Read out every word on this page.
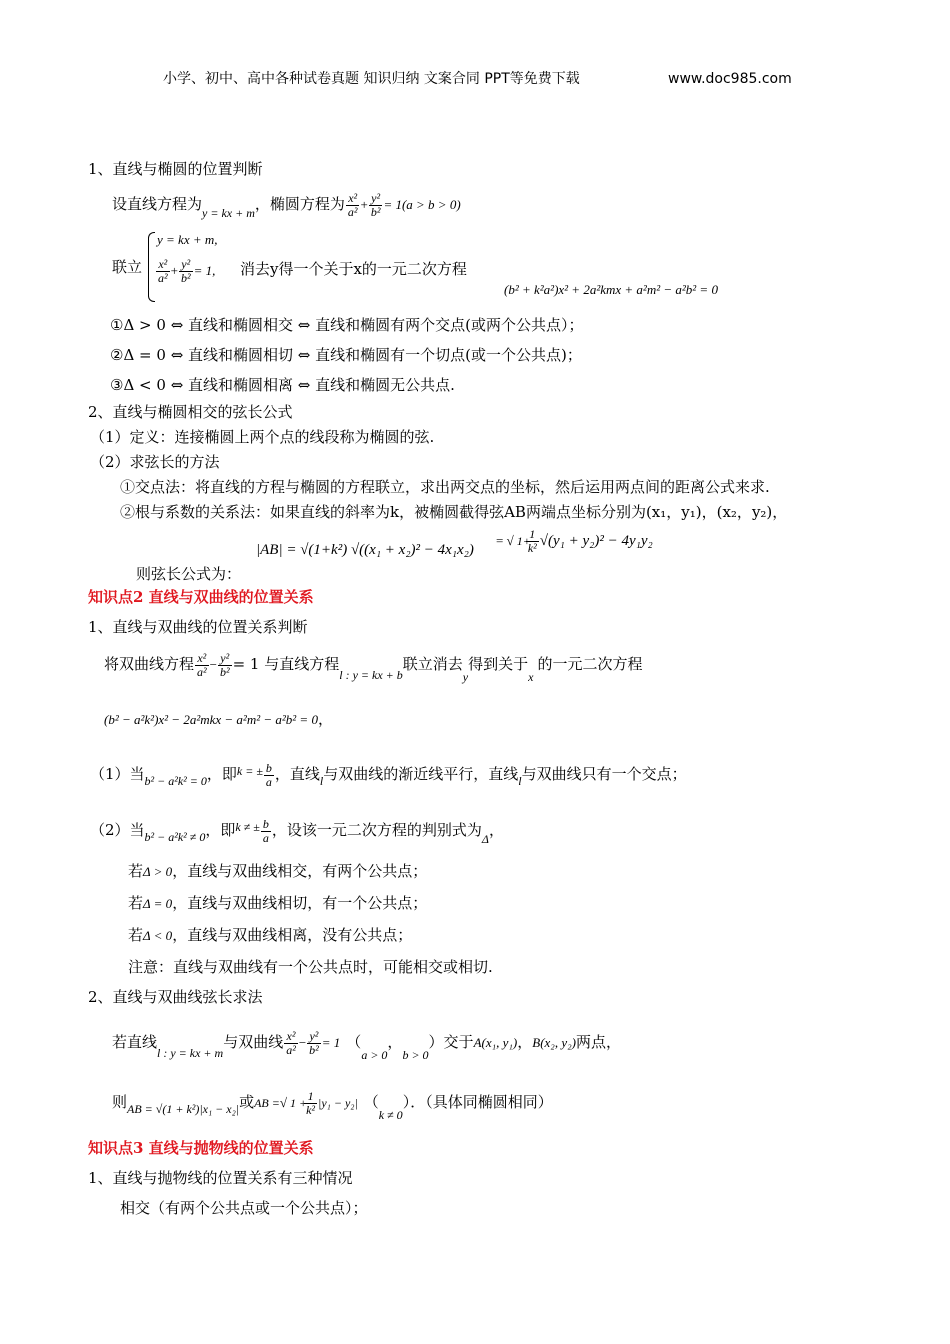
小学、初中、高中各种试卷真题 知识归纳 文案合同 PPT等免费下载	www.doc985.com
1、直线与椭圆的位置判断
设直线方程为$_{y = kx + m}$，椭圆方程为 $\frac{\text{x²}}{\text{a²}} + \frac{\text{y²}}{\text{b²}} = 1(a > b > 0)$
联立
y = kx + m,
$\frac{\text{x²}}{\text{a²}} + \frac{\text{y²}}{\text{b²}} = 1$, 消去y得一个关于x的一元二次方程
(b² + k²a²)x² + 2a²kmx + a²m² − a²b² = 0
①Δ > 0 ⇔ 直线和椭圆相交 ⇔ 直线和椭圆有两个交点(或两个公共点）；
②Δ = 0 ⇔ 直线和椭圆相切 ⇔ 直线和椭圆有一个切点(或一个公共点)；
③Δ < 0 ⇔ 直线和椭圆相离 ⇔ 直线和椭圆无公共点.
2、直线与椭圆相交的弦长公式
（1）定义：连接椭圆上两个点的线段称为椭圆的弦.
（2）求弦长的方法
①交点法：将直线的方程与椭圆的方程联立，求出两交点的坐标，然后运用两点间的距离公式来求.
②根与系数的关系法：如果直线的斜率为k，被椭圆截得弦AB两端点坐标分别为(x₁，y₁)，(x₂，y₂)，
|AB| = √(1+k²) √((x₁ + x₂)² − 4x₁x₂)
= √ 1+
$\frac{1}{\text{k²}} √(y_1 + y_2)^2 - 4y_1y_2$
则弦长公式为：
知识点2 直线与双曲线的位置关系
1、直线与双曲线的位置关系判断
将双曲线方程 $\frac{\text{x²}}{\text{a²}} - \frac{\text{y²}}{\text{b²}} = 1$ 与直线方程$_{l : y = kx + b}$联立消去$_y$得到关于$_x$的一元二次方程
(b² − a²k²)x² − 2a²mkx − a²m² − a²b² = 0，
（1）当$_{b^2 - a^2k^2 = 0}$，即$^{k = \pm} \frac{b}{a}$ ，直线$_l$与双曲线的渐近线平行，直线$_l$与双曲线只有一个交点；
（2）当$_{b^2 - a^2k^2 \ne 0}$，即$^{k \ne \pm} \frac{b}{a}$ ，设该一元二次方程的判别式为$_\Delta$，
若Δ > 0，直线与双曲线相交，有两个公共点；
若Δ = 0，直线与双曲线相切，有一个公共点；
若Δ < 0，直线与双曲线相离，没有公共点；
注意：直线与双曲线有一个公共点时，可能相交或相切.
2、直线与双曲线弦长求法
若直线$_{l : y = kx + m}$与双曲线 $\frac{\text{x²}}{\text{a²}} - \frac{\text{y²}}{\text{b²}} = 1$ （$_{a > 0}$，$_{b > 0}$）交于A(x₁, y₁)，B(x₂, y₂)两点，
则$_{AB = √(1 + k^2)|x_1 - x_2|}$或AB =√ 1 +
$\frac{1}{\text{k²}} |y_1 - y_2|$ $(_{k \ne 0})$．（具体同椭圆相同）
知识点3 直线与抛物线的位置关系
1、直线与抛物线的位置关系有三种情况
相交（有两个公共点或一个公共点）；
